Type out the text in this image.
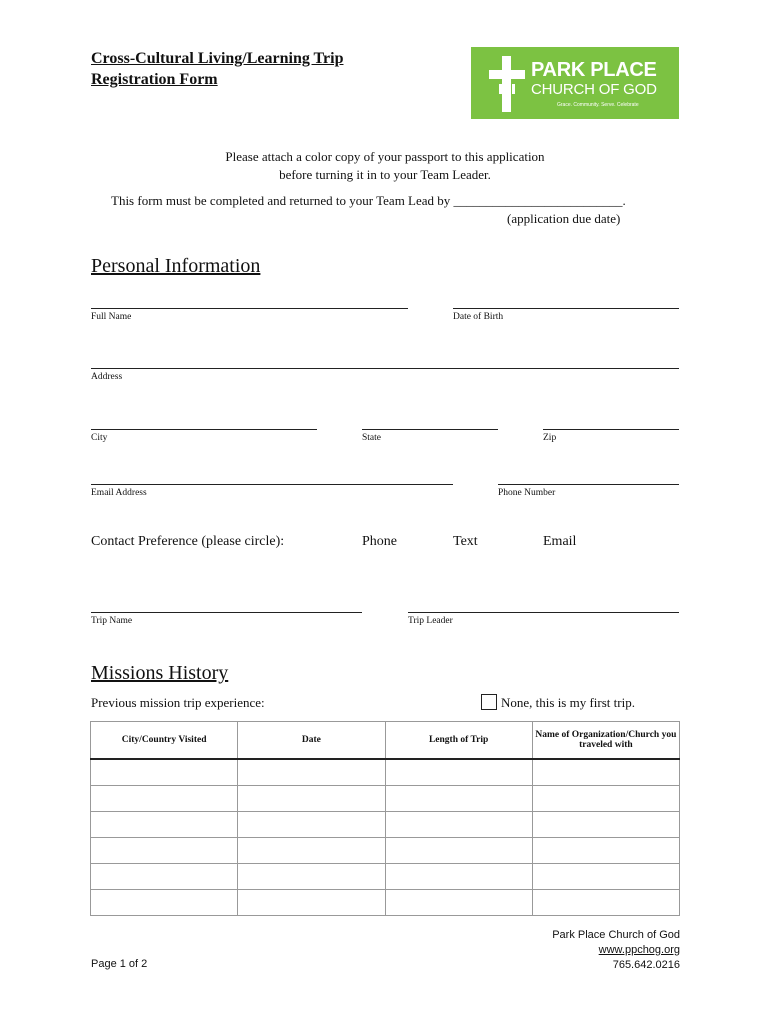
Cross-Cultural Living/Learning Trip
Registration Form	PARK PLACE
CHURCH OF GOD
Grace. Community. Serve. Celebrate
Please attach a color copy of your passport to this application
before turning it in to your Team Leader.
This form must be completed and returned to your Team Lead by __________________________.
(application due date)
Personal Information
Full Name	Date of Birth
Address
City	State	Zip
Email Address	Phone Number
Contact Preference (please circle):	Phone	Text	Email
Trip Name	Trip Leader
Missions History
Previous mission trip experience:	None, this is my first trip.
City/Country Visited	Date	Length of Trip	Name of Organization/Church you traveled with

Page 1 of 2
Park Place Church of God
www.ppchog.org
765.642.0216
